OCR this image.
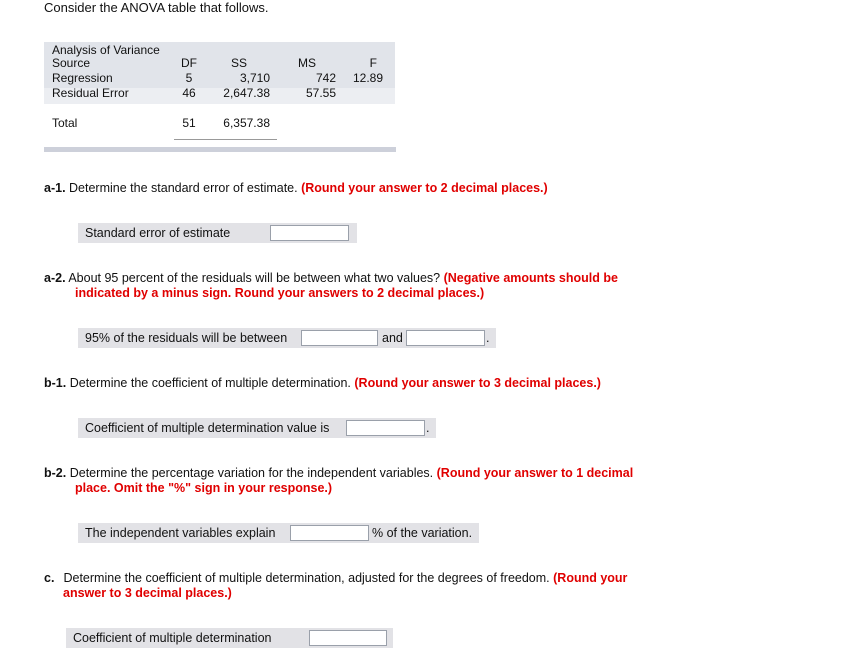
Consider the ANOVA table that follows.
Analysis of Variance
Source	DF	SS	MS	F
Regression	5	3,710	742	12.89
Residual Error	46	2,647.38	57.55	

Total	51	6,357.38		
a-1. Determine the standard error of estimate. (Round your answer to 2 decimal places.)
Standard error of estimate
a-2. About 95 percent of the residuals will be between what two values? (Negative amounts should be
indicated by a minus sign. Round your answers to 2 decimal places.)
95% of the residuals will be between	and	.
b-1. Determine the coefficient of multiple determination. (Round your answer to 3 decimal places.)
Coefficient of multiple determination value is	.
b-2. Determine the percentage variation for the independent variables. (Round your answer to 1 decimal
place. Omit the "%" sign in your response.)
The independent variables explain	% of the variation.
c. Determine the coefficient of multiple determination, adjusted for the degrees of freedom. (Round your
answer to 3 decimal places.)
Coefficient of multiple determination
